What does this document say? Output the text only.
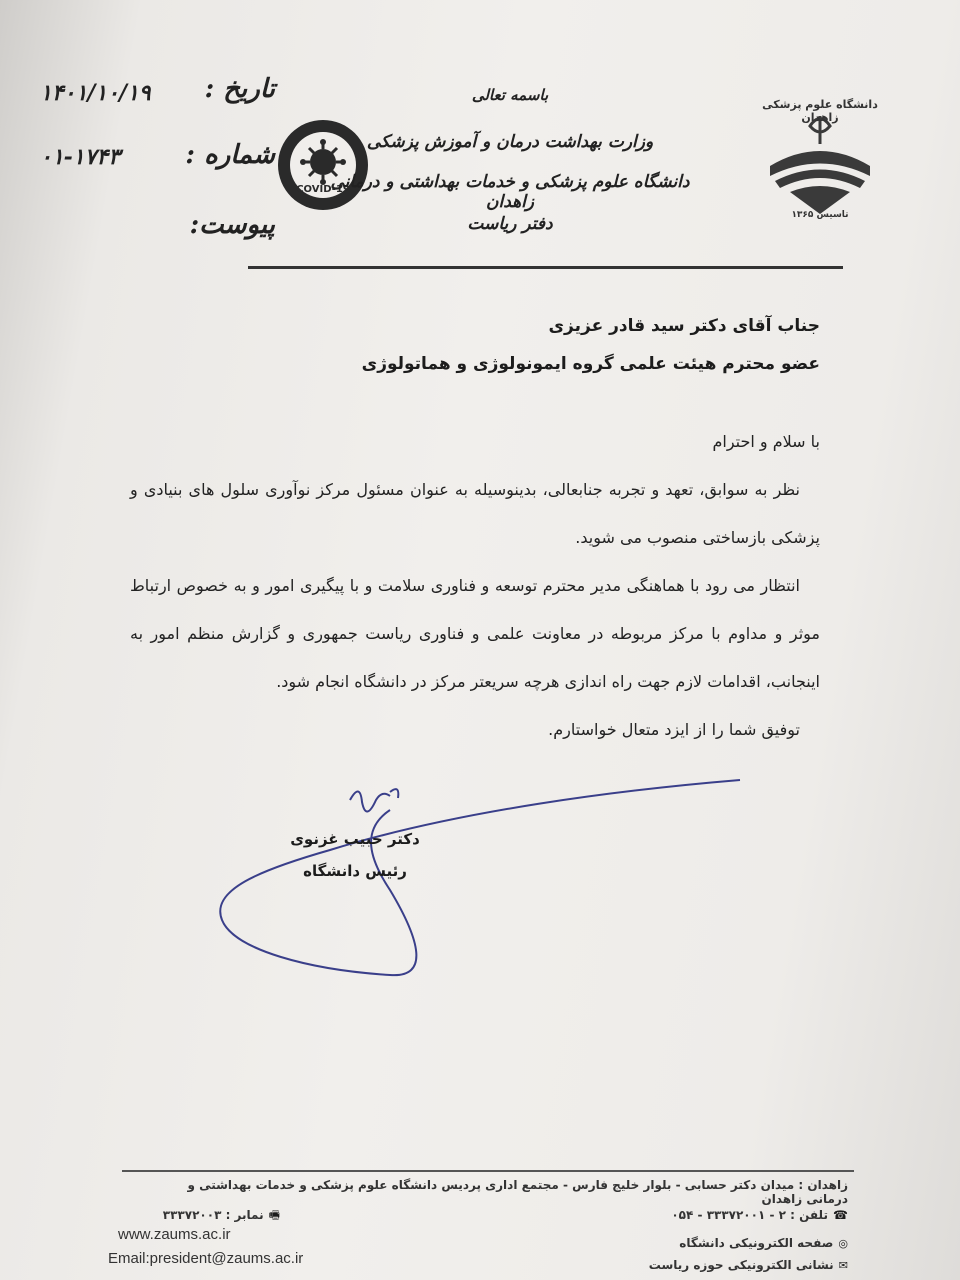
۱۴۰۱/۱۰/۱۹	تاریخ :
۰۱-۱۷۴۳	شماره :
پیوست:
COVID-19
باسمه تعالی
وزارت بهداشت درمان و آموزش پزشکی
دانشگاه علوم پزشکی و خدمات بهداشتی و درمانی زاهدان
دفتر ریاست
دانشگاه علوم پزشکی زاهدان
تاسیس ۱۳۶۵
جناب آقای دکتر سید قادر عزیزی
عضو محترم هیئت علمی گروه ایمونولوژی و هماتولوژی
با سلام و احترام
نظر به سوابق، تعهد و تجربه جنابعالی، بدینوسیله به عنوان مسئول مرکز نوآوری سلول های بنیادی و پزشکی بازساختی منصوب می شوید.
انتظار می رود با هماهنگی مدیر محترم توسعه و فناوری سلامت و با پیگیری امور و به خصوص ارتباط موثر و مداوم با مرکز مربوطه در معاونت علمی و فناوری ریاست جمهوری و گزارش منظم امور به اینجانب، اقدامات لازم جهت راه اندازی هرچه سریعتر مرکز در دانشگاه انجام شود.
توفیق شما را از ایزد متعال خواستارم.
دکتر حبیب غزنوی
رئیس دانشگاه
زاهدان : میدان دکتر حسابی - بلوار خلیج فارس - مجتمع اداری پردیس دانشگاه علوم پزشکی و خدمات بهداشتی و درمانی زاهدان
☎ تلفن : ۲ - ۳۳۳۷۲۰۰۱ - ۰۵۴
🖷 نمابر : ۳۳۳۷۲۰۰۳
www.zaums.ac.ir
Email:president@zaums.ac.ir
◎ صفحه الکترونیکی دانشگاه
✉ نشانی الکترونیکی حوزه ریاست
